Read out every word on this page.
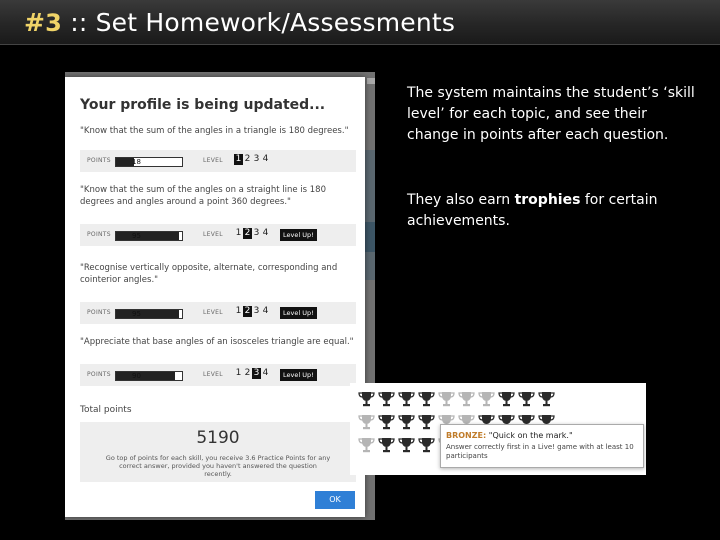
#3 :: Set Homework/Assessments
Your profile is being updated...
"Know that the sum of the angles in a triangle is 180 degrees."
POINTS	18	LEVEL 1 2 3 4
"Know that the sum of the angles on a straight line is 180 degrees and angles around a point 360 degrees."
POINTS	95	LEVEL 1 2 3 4	Level Up!
"Recognise vertically opposite, alternate, corresponding and cointerior angles."
POINTS	95	LEVEL 1 2 3 4	Level Up!
"Appreciate that base angles of an isosceles triangle are equal."
POINTS	90	LEVEL 1 2 3 4	Level Up!
Total points
5190
Go top of points for each skill, you receive 3.6 Practice Points for any correct answer, provided you haven't answered the question recently.
OK
The system maintains the student’s ‘skill level’ for each topic, and see their change in points after each question.
They also earn trophies for certain achievements.
BRONZE: "Quick on the mark."
Answer correctly first in a Live! game with at least 10 participants
